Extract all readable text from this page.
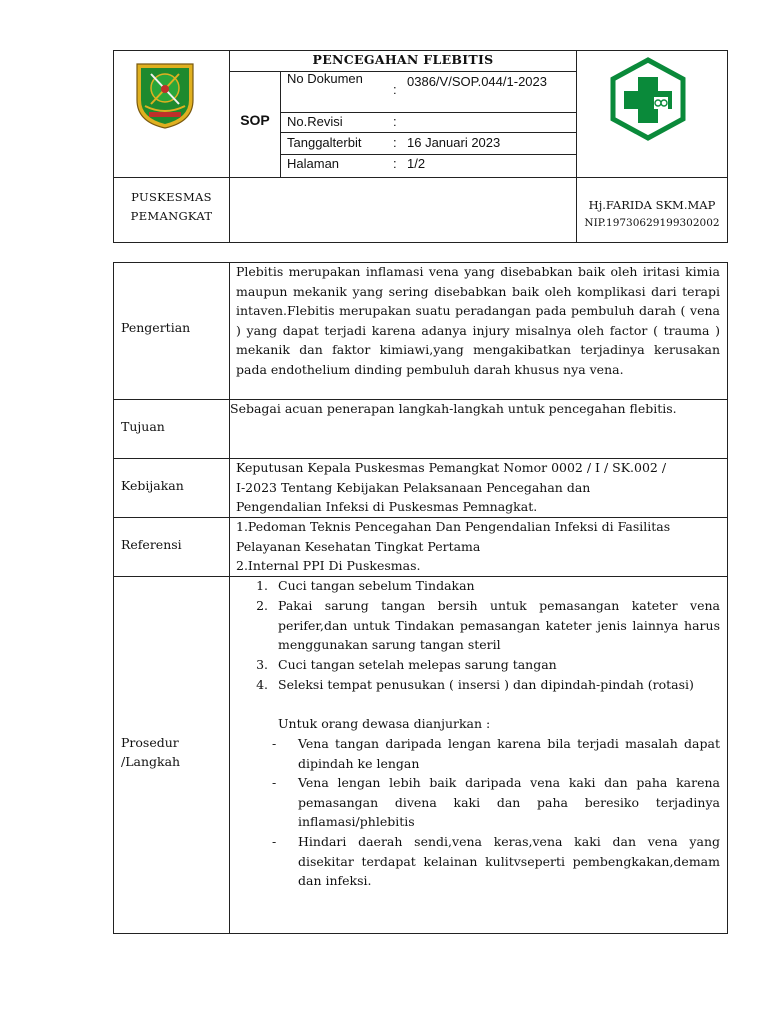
PENCEGAHAN FLEBITIS
SOP
No Dokumen
:
0386/V/SOP.044/1-2023
No.Revisi	:
Tanggalterbit : 16 Januari 2023
Halaman	: 1/2
PUSKESMAS
PEMANGKAT
Hj.FARIDA SKM.MAP
NIP.19730629199302002
Pengertian

Plebitis merupakan inflamasi vena yang disebabkan baik oleh iritasi kimia maupun mekanik yang sering disebabkan baik oleh komplikasi dari terapi intaven.Flebitis merupakan suatu peradangan pada pembuluh darah ( vena ) yang dapat terjadi karena adanya injury misalnya oleh factor ( trauma ) mekanik dan faktor kimiawi,yang mengakibatkan terjadinya kerusakan pada endothelium dinding pembuluh darah khusus nya vena.

Tujuan

Sebagai acuan penerapan langkah-langkah untuk pencegahan flebitis.

Kebijakan

Keputusan Kepala Puskesmas Pemangkat Nomor 0002 / I / SK.002 / I-2023 Tentang Kebijakan Pelaksanaan Pencegahan dan Pengendalian Infeksi di Puskesmas Pemnagkat.

Referensi

1.Pedoman Teknis Pencegahan Dan Pengendalian Infeksi di Fasilitas Pelayanan Kesehatan Tingkat Pertama

2.Internal PPI Di Puskesmas.

Prosedur
/Langkah
1. Cuci tangan sebelum Tindakan
2. Pakai sarung tangan bersih untuk pemasangan kateter vena perifer,dan untuk Tindakan pemasangan kateter jenis lainnya harus menggunakan sarung tangan steril
3. Cuci tangan setelah melepas sarung tangan
4. Seleksi tempat penusukan ( insersi ) dan dipindah-pindah (rotasi)
Untuk orang dewasa dianjurkan :
- Vena tangan daripada lengan karena bila terjadi masalah dapat dipindah ke lengan
- Vena lengan lebih baik daripada vena kaki dan paha karena pemasangan divena kaki dan paha beresiko terjadinya inflamasi/phlebitis
- Hindari daerah sendi,vena keras,vena kaki dan vena yang disekitar terdapat kelainan kulitvseperti pembengkakan,demam dan infeksi.
